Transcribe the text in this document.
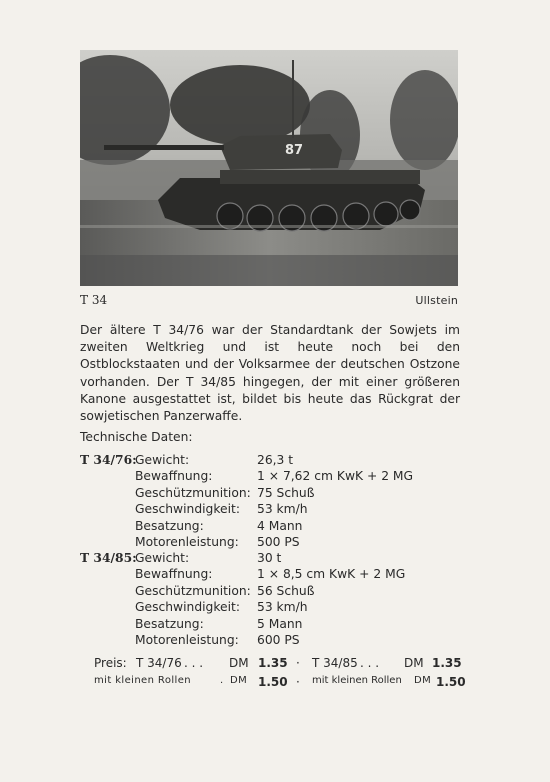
87
T 34	Ullstein

Der ältere T 34/76 war der Standardtank der Sowjets im zweiten Weltkrieg und ist heute noch bei den Ostblockstaaten und der Volksarmee der deutschen Ostzone vorhanden. Der T 34/85 hingegen, der mit einer größeren Kanone ausgestattet ist, bildet bis heute das Rückgrat der sowjetischen Panzerwaffe.

Technische Daten:
T 34/76:
Gewicht:	26,3 t
Bewaffnung:	1 × 7,62 cm KwK + 2 MG
Geschützmunition: 75 Schuß
Geschwindigkeit: 53 km/h
Besatzung:	4 Mann
Motorenleistung: 500 PS
T 34/85:
Gewicht:	30 t
Bewaffnung:	1 × 8,5 cm KwK + 2 MG
Geschützmunition: 56 Schuß
Geschwindigkeit: 53 km/h
Besatzung:	5 Mann
Motorenleistung: 600 PS
Preis: T 34/76 . . . DM 1.35 · T 34/85 . . . DM 1.35
mit kleinen Rollen	. DM 1.50 · mit kleinen Rollen DM 1.50
